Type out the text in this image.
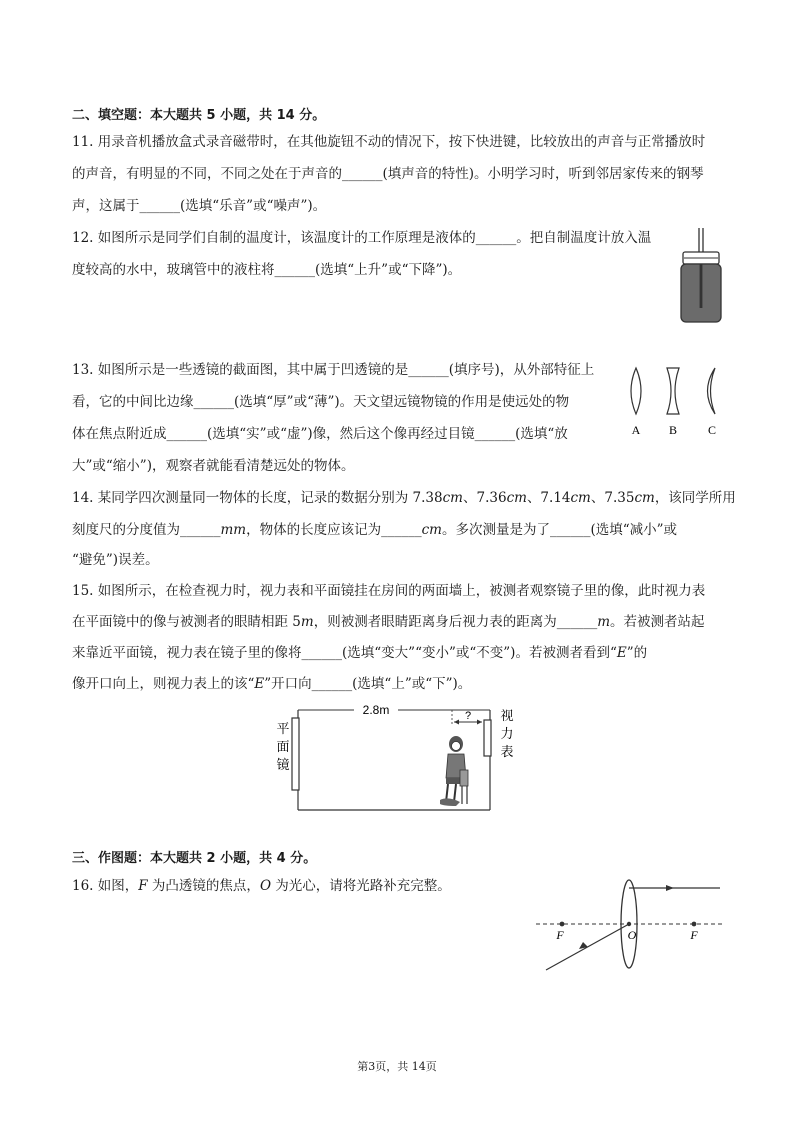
二、填空题：本大题共 5 小题，共 14 分。
11. 用录音机播放盒式录音磁带时，在其他旋钮不动的情况下，按下快进键，比较放出的声音与正常播放时
的声音，有明显的不同，不同之处在于声音的______(填声音的特性)。小明学习时，听到邻居家传来的钢琴
声，这属于______(选填“乐音”或“噪声”)。
12. 如图所示是同学们自制的温度计，该温度计的工作原理是液体的______。把自制温度计放入温
度较高的水中，玻璃管中的液柱将______(选填“上升”或“下降”)。
13. 如图所示是一些透镜的截面图，其中属于凹透镜的是______(填序号)，从外部特征上
看，它的中间比边缘______(选填“厚”或“薄”)。天文望远镜物镜的作用是使远处的物
体在焦点附近成______(选填“实”或“虚”)像，然后这个像再经过目镜______(选填“放
大”或“缩小”)，观察者就能看清楚远处的物体。
A B	C
14. 某同学四次测量同一物体的长度，记录的数据分别为 7.38cm、7.36cm、7.14cm、7.35cm，该同学所用
刻度尺的分度值为______mm，物体的长度应该记为______cm。多次测量是为了______(选填“减小”或
“避免”)误差。
15. 如图所示，在检查视力时，视力表和平面镜挂在房间的两面墙上，被测者观察镜子里的像，此时视力表
在平面镜中的像与被测者的眼睛相距 5m，则被测者眼睛距离身后视力表的距离为______m。若被测者站起
来靠近平面镜，视力表在镜子里的像将______(选填“变大”“变小”或“不变”)。若被测者看到“E”的
像开口向上，则视力表上的该“E”开口向______(选填“上”或“下”)。
2.8m
平
面
镜
视
力
表
?
三、作图题：本大题共 2 小题，共 4 分。
16. 如图，F 为凸透镜的焦点，O 为光心，请将光路补充完整。
F	O	F
第3页，共 14页
